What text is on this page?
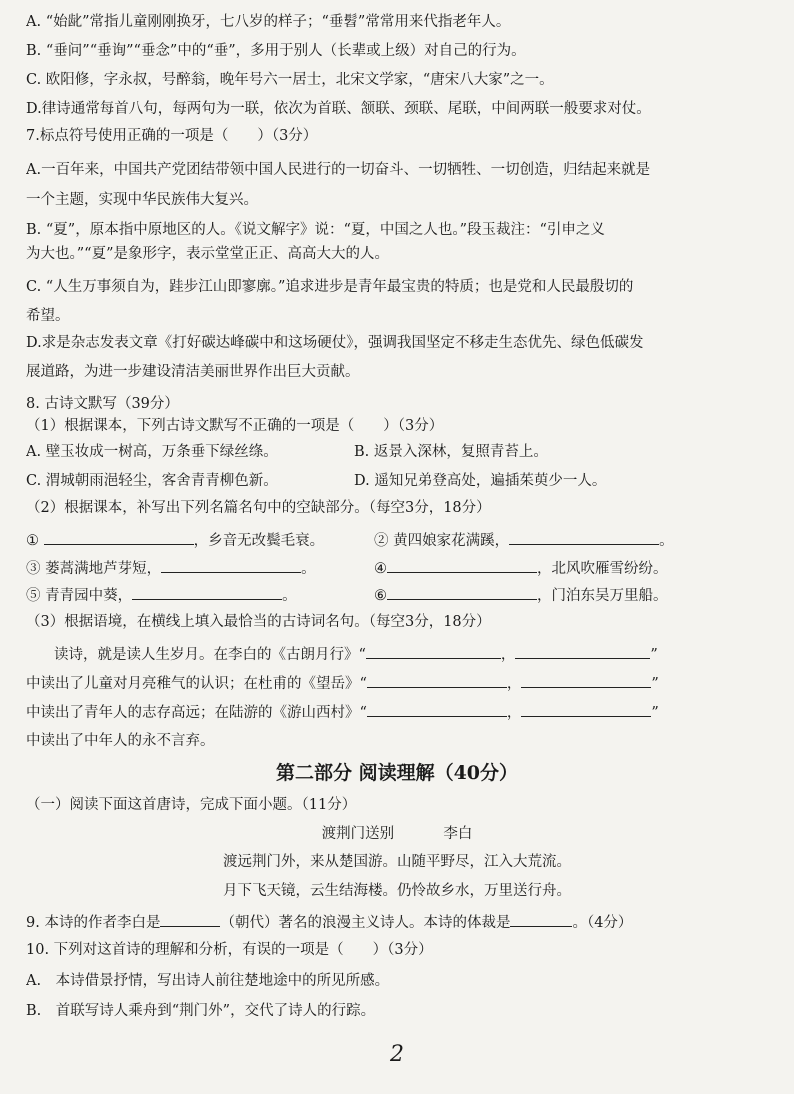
A. “始龀”常指儿童刚刚换牙，七八岁的样子；“垂髫”常常用来代指老年人。
B. “垂问”“垂询”“垂念”中的“垂”，多用于别人（长辈或上级）对自己的行为。
C. 欧阳修，字永叔，号醉翁，晚年号六一居士，北宋文学家，“唐宋八大家”之一。
D.律诗通常每首八句，每两句为一联，依次为首联、颔联、颈联、尾联，中间两联一般要求对仗。
7.标点符号使用正确的一项是（　　）（3分）
A.一百年来，中国共产党团结带领中国人民进行的一切奋斗、一切牺牲、一切创造，归结起来就是
一个主题，实现中华民族伟大复兴。
B. “夏”，原本指中原地区的人。《说文解字》说：“夏，中国之人也。”段玉裁注：“引申之义
为大也。”“夏”是象形字，表示堂堂正正、高高大大的人。
C. “人生万事须自为，跬步江山即寥廓。”追求进步是青年最宝贵的特质；也是党和人民最殷切的
希望。
D.求是杂志发表文章《打好碳达峰碳中和这场硬仗》，强调我国坚定不移走生态优先、绿色低碳发
展道路，为进一步建设清洁美丽世界作出巨大贡献。
8. 古诗文默写（39分）
（1）根据课本，下列古诗文默写不正确的一项是（　　）（3分）
A. 壁玉妆成一树高，万条垂下绿丝绦。	B. 返景入深林，复照青苔上。
C. 渭城朝雨浥轻尘，客舍青青柳色新。	D. 遥知兄弟登高处，遍插茱萸少一人。
（2）根据课本，补写出下列名篇名句中的空缺部分。（每空3分，18分）
①	，乡音无改鬓毛衰。	② 黄四娘家花满蹊，	。
③ 蒌蒿满地芦芽短，	。	④	，北风吹雁雪纷纷。
⑤ 青青园中葵，	。	⑥	，门泊东吴万里船。
（3）根据语境，在横线上填入最恰当的古诗词名句。（每空3分，18分）
读诗，就是读人生岁月。在李白的《古朗月行》“	，	”
中读出了儿童对月亮稚气的认识；在杜甫的《望岳》“	，	”
中读出了青年人的志存高远；在陆游的《游山西村》“	，	”
中读出了中年人的永不言弃。
第二部分 阅读理解（40分）
（一）阅读下面这首唐诗，完成下面小题。（11分）
渡荆门送别	李白
渡远荆门外，来从楚国游。山随平野尽，江入大荒流。
月下飞天镜，云生结海楼。仍怜故乡水，万里送行舟。
9. 本诗的作者李白是	（朝代）著名的浪漫主义诗人。本诗的体裁是	。（4分）
10. 下列对这首诗的理解和分析，有误的一项是（　　）（3分）
A.　本诗借景抒情，写出诗人前往楚地途中的所见所感。
B.　首联写诗人乘舟到“荆门外”，交代了诗人的行踪。
2
